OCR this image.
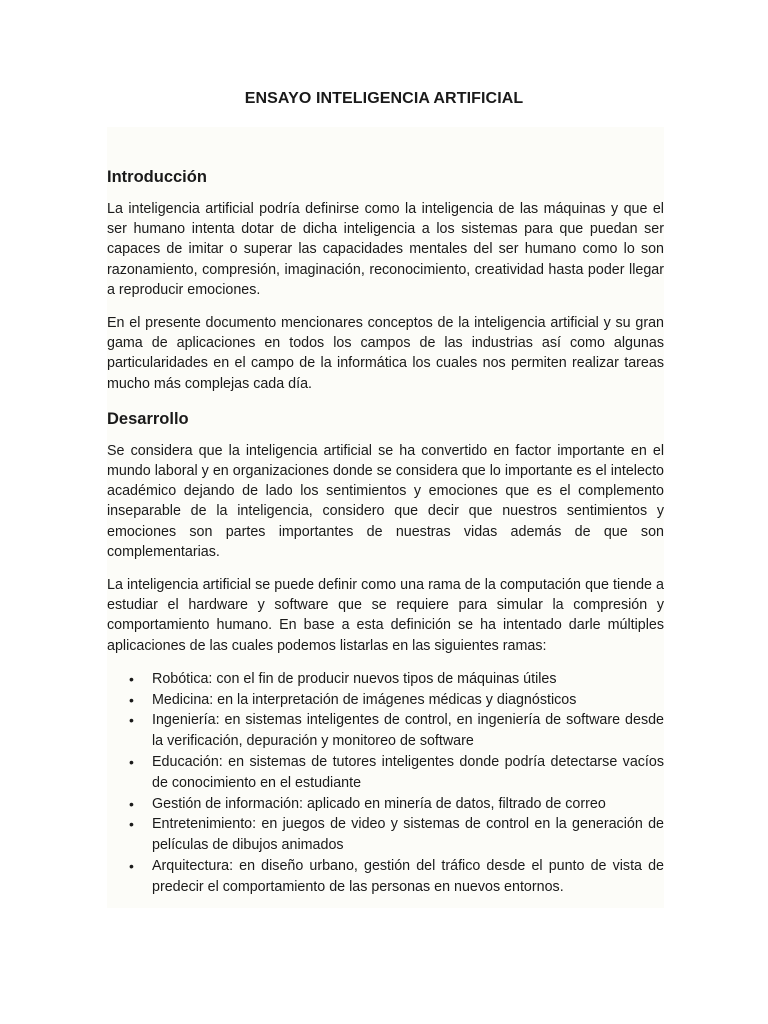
ENSAYO INTELIGENCIA ARTIFICIAL
Introducción

La inteligencia artificial podría definirse como la inteligencia de las máquinas y que el ser humano intenta dotar de dicha inteligencia a los sistemas para que puedan ser capaces de imitar o superar las capacidades mentales del ser humano como lo son razonamiento, compresión, imaginación, reconocimiento, creatividad hasta poder llegar a reproducir emociones.

En el presente documento mencionares conceptos de la inteligencia artificial y su gran gama de aplicaciones en todos los campos de las industrias así como algunas particularidades en el campo de la informática los cuales nos permiten realizar tareas mucho más complejas cada día.

Desarrollo

Se considera que la inteligencia artificial se ha convertido en factor importante en el mundo laboral y en organizaciones donde se considera que lo importante es el intelecto académico dejando de lado los sentimientos y emociones que es el complemento inseparable de la inteligencia, considero que decir que nuestros sentimientos y emociones son partes importantes de nuestras vidas además de que son complementarias.

La inteligencia artificial se puede definir como una rama de la computación que tiende a estudiar el hardware y software que se requiere para simular la compresión y comportamiento humano. En base a esta definición se ha intentado darle múltiples aplicaciones de las cuales podemos listarlas en las siguientes ramas:

• Robótica: con el fin de producir nuevos tipos de máquinas útiles
• Medicina: en la interpretación de imágenes médicas y diagnósticos
• Ingeniería: en sistemas inteligentes de control, en ingeniería de software desde la verificación, depuración y monitoreo de software
• Educación: en sistemas de tutores inteligentes donde podría detectarse vacíos de conocimiento en el estudiante
• Gestión de información: aplicado en minería de datos, filtrado de correo
• Entretenimiento: en juegos de video y sistemas de control en la generación de películas de dibujos animados
• Arquitectura: en diseño urbano, gestión del tráfico desde el punto de vista de predecir el comportamiento de las personas en nuevos entornos.
